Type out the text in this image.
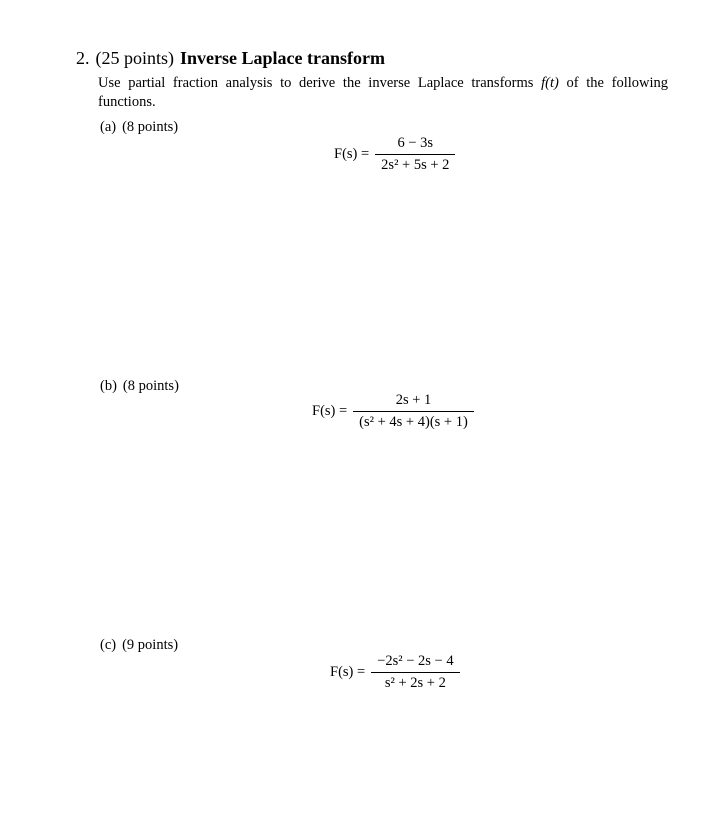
2. (25 points) Inverse Laplace transform
Use partial fraction analysis to derive the inverse Laplace transforms f(t) of the following functions.
(a) (8 points)
$F(s) = \frac{6 - 3s}{\text{2s² + 5s + 2}}$
(b) (8 points)
$F(s) = \frac{2s + 1}{\text{(s² + 4s + 4)(s + 1)}}$
(c) (9 points)
$F(s) = \frac{\text{−2s² − 2s − 4}}{\text{s² + 2s + 2}}$
